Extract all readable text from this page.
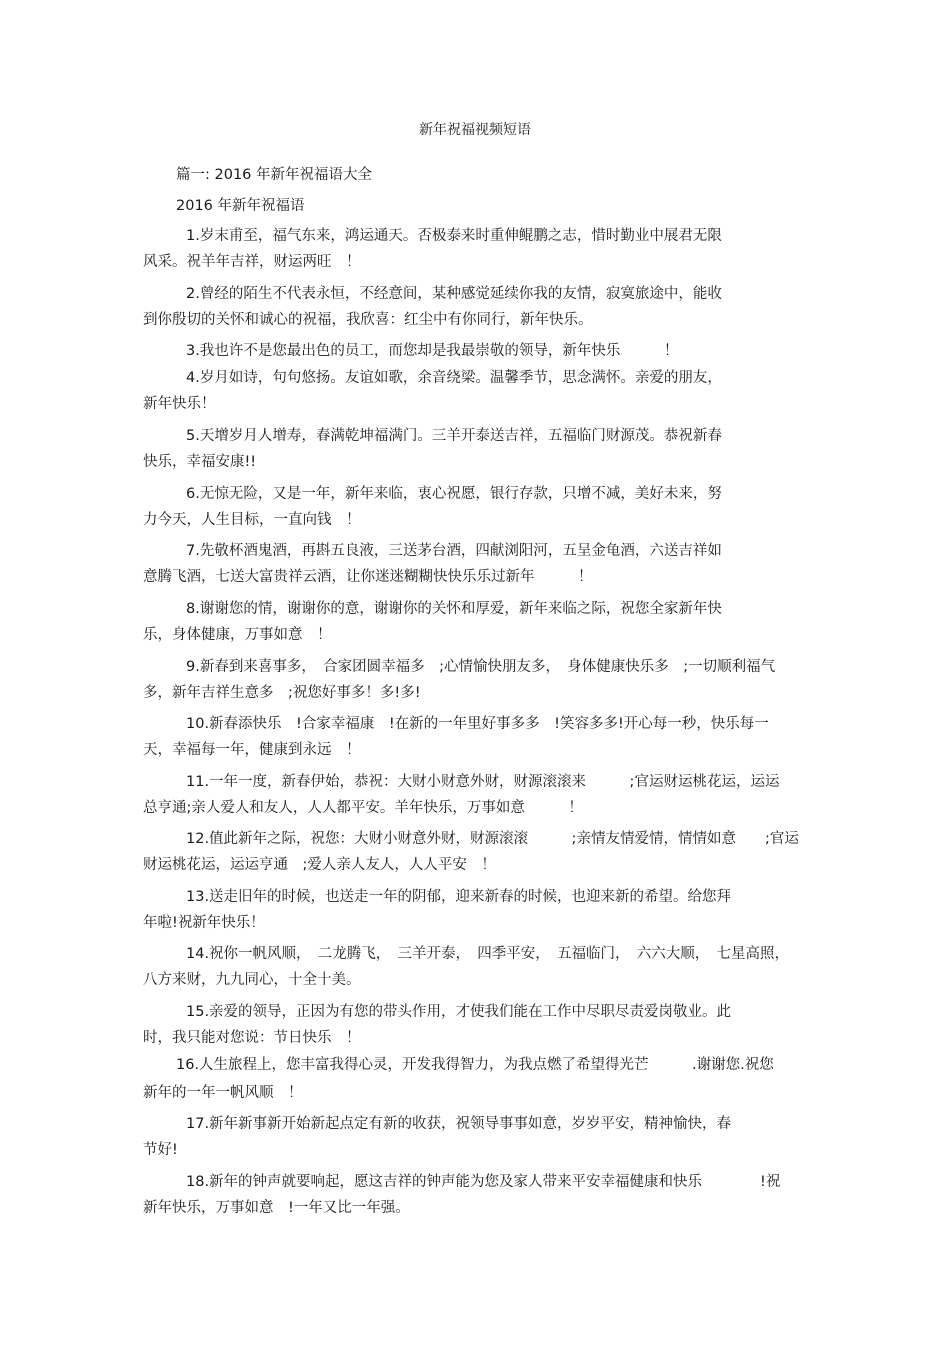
新年祝福视频短语
篇一: 2016 年新年祝福语大全
2016 年新年祝福语
1.岁末甫至，福气东来，鸿运通天。否极泰来时重伸鲲鹏之志，惜时勤业中展君无限
风采。祝羊年吉祥，财运两旺　！
2.曾经的陌生不代表永恒，不经意间，某种感觉延续你我的友情，寂寞旅途中，能收
到你殷切的关怀和诚心的祝福，我欣喜：红尘中有你同行，新年快乐。
3.我也许不是您最出色的员工，而您却是我最崇敬的领导，新年快乐　　　！
4.岁月如诗，句句悠扬。友谊如歌，余音绕梁。温馨季节，思念满怀。亲爱的朋友，
新年快乐！
5.天增岁月人增寿，春满乾坤福满门。三羊开泰送吉祥，五福临门财源茂。恭祝新春
快乐，幸福安康!!
6.无惊无险，又是一年，新年来临，衷心祝愿，银行存款，只增不减，美好未来，努
力今天，人生目标，一直向钱　！
7.先敬杯酒鬼酒，再斟五良液，三送茅台酒，四献浏阳河，五呈金龟酒，六送吉祥如
意腾飞酒，七送大富贵祥云酒，让你迷迷糊糊快快乐乐过新年　　　！
8.谢谢您的情，谢谢你的意，谢谢你的关怀和厚爱，新年来临之际，祝您全家新年快
乐，身体健康，万事如意　！
9.新春到来喜事多，　合家团圆幸福多　;心情愉快朋友多，　身体健康快乐多　;一切顺利福气
多，新年吉祥生意多　;祝您好事多！多!多!
10.新春添快乐　!合家幸福康　!在新的一年里好事多多　!笑容多多!开心每一秒，快乐每一
天，幸福每一年，健康到永远　！
11.一年一度，新春伊始，恭祝：大财小财意外财，财源滚滚来　　　;官运财运桃花运，运运
总亨通;亲人爱人和友人，人人都平安。羊年快乐，万事如意　　　！
12.值此新年之际，祝您：大财小财意外财，财源滚滚　　　;亲情友情爱情，情情如意　　;官运
财运桃花运，运运亨通　;爱人亲人友人，人人平安　！
13.送走旧年的时候，也送走一年的阴郁，迎来新春的时候，也迎来新的希望。给您拜
年啦!祝新年快乐！
14.祝你一帆风顺，　二龙腾飞，　三羊开泰，　四季平安，　五福临门，　六六大顺，　七星高照，
八方来财，九九同心，十全十美。
15.亲爱的领导，正因为有您的带头作用，才使我们能在工作中尽职尽责爱岗敬业。此
时，我只能对您说：节日快乐　！
16.人生旅程上，您丰富我得心灵，开发我得智力，为我点燃了希望得光芒　　　.谢谢您.祝您
新年的一年一帆风顺　！
17.新年新事新开始新起点定有新的收获，祝领导事事如意，岁岁平安，精神愉快，春
节好!
18.新年的钟声就要响起，愿这吉祥的钟声能为您及家人带来平安幸福健康和快乐　　　　!祝
新年快乐，万事如意　!一年又比一年强。
